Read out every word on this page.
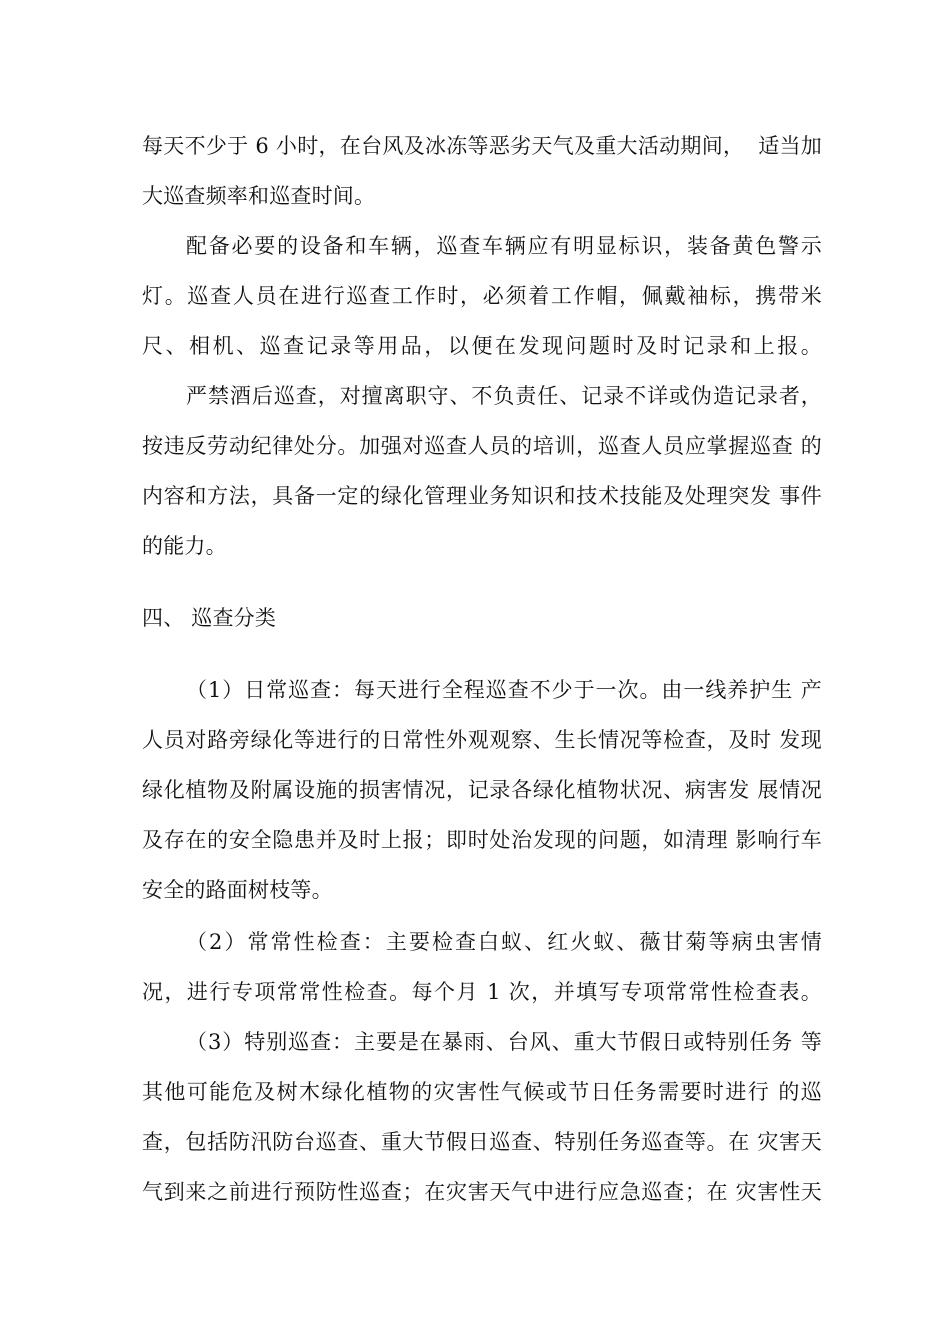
每天不少于 6 小时，在台风及冰冻等恶劣天气及重大活动期间，  适当加
大巡查频率和巡查时间。
配备必要的设备和车辆，巡查车辆应有明显标识，装备黄色警示
灯。巡查人员在进行巡查工作时，必须着工作帽，佩戴袖标，携带米
尺、相机、巡查记录等用品，以便在发现问题时及时记录和上报。
严禁酒后巡查，对擅离职守、不负责任、记录不详或伪造记录者，
按违反劳动纪律处分。加强对巡查人员的培训，巡查人员应掌握巡查 的
内容和方法，具备一定的绿化管理业务知识和技术技能及处理突发 事件
的能力。
四、 巡查分类
（1）日常巡查：每天进行全程巡查不少于一次。由一线养护生 产
人员对路旁绿化等进行的日常性外观观察、生长情况等检查，及时 发现
绿化植物及附属设施的损害情况，记录各绿化植物状况、病害发 展情况
及存在的安全隐患并及时上报；即时处治发现的问题，如清理 影响行车
安全的路面树枝等。
（2）常常性检查：主要检查白蚁、红火蚁、薇甘菊等病虫害情
况，进行专项常常性检查。每个月 1 次，并填写专项常常性检查表。
（3）特别巡查：主要是在暴雨、台风、重大节假日或特别任务 等
其他可能危及树木绿化植物的灾害性气候或节日任务需要时进行 的巡
查，包括防汛防台巡查、重大节假日巡查、特别任务巡查等。在 灾害天
气到来之前进行预防性巡查；在灾害天气中进行应急巡查；在 灾害性天
